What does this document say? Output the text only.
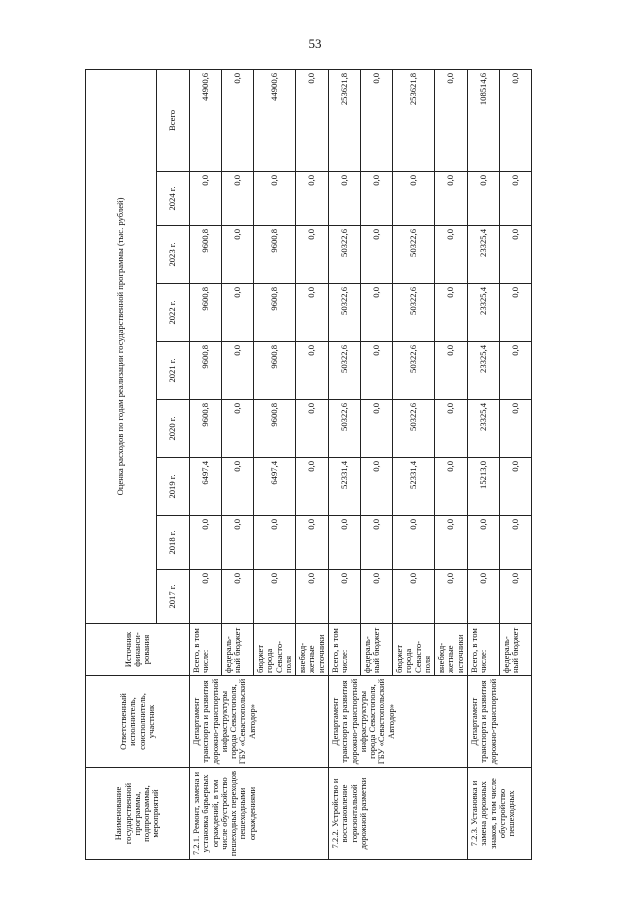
53
Наименование государственной программы, подпрограммы, мероприятий	Ответственный исполнитель, соисполнитель, участник	Источник финанси-рования	Оценка расходов по годам реализации государственной программы (тыс. рублей)								
			2017 г.	2018 г.	2019 г.	2020 г.	2021 г.	2022 г.	2023 г.	2024 г.	Всего
7.2.1. Ремонт, замена и установка барьерных ограждений, в том числе обустройство пешеходных переходов пешеходными ограждениями	Департамент транспорта и развития дорожно-транспортной инфраструктуры города Севастополя, ГБУ «Севастопольский Автодор»	Всего, в том числе:	0,0	0,0	6497,4	9600,8	9600,8	9600,8	9600,8	0,0	44900,6
		федераль-ный бюджет	0,0	0,0	0,0	0,0	0,0	0,0	0,0	0,0	0,0
		бюджет города Севасто-поля	0,0	0,0	6497,4	9600,8	9600,8	9600,8	9600,8	0,0	44900,6
		внебюд-жетные источники	0,0	0,0	0,0	0,0	0,0	0,0	0,0	0,0	0,0
7.2.2. Устройство и восстановление горизонтальной дорожной разметки	Департамент транспорта и развития дорожно-транспортной инфраструктуры города Севастополя, ГБУ «Севастопольский Автодор»	Всего, в том числе:	0,0	0,0	52331,4	50322,6	50322,6	50322,6	50322,6	0,0	253621,8
		федераль-ный бюджет	0,0	0,0	0,0	0,0	0,0	0,0	0,0	0,0	0,0
		бюджет города Севасто-поля	0,0	0,0	52331,4	50322,6	50322,6	50322,6	50322,6	0,0	253621,8
		внебюд-жетные источники	0,0	0,0	0,0	0,0	0,0	0,0	0,0	0,0	0,0
7.2.3. Установка и замена дорожных знаков, в том числе обустройство пешеходных	Департамент транспорта и развития дорожно-транспортной	Всего, в том числе:	0,0	0,0	15213,0	23325,4	23325,4	23325,4	23325,4	0,0	108514,6
		федераль-ный бюджет	0,0	0,0	0,0	0,0	0,0	0,0	0,0	0,0	0,0
